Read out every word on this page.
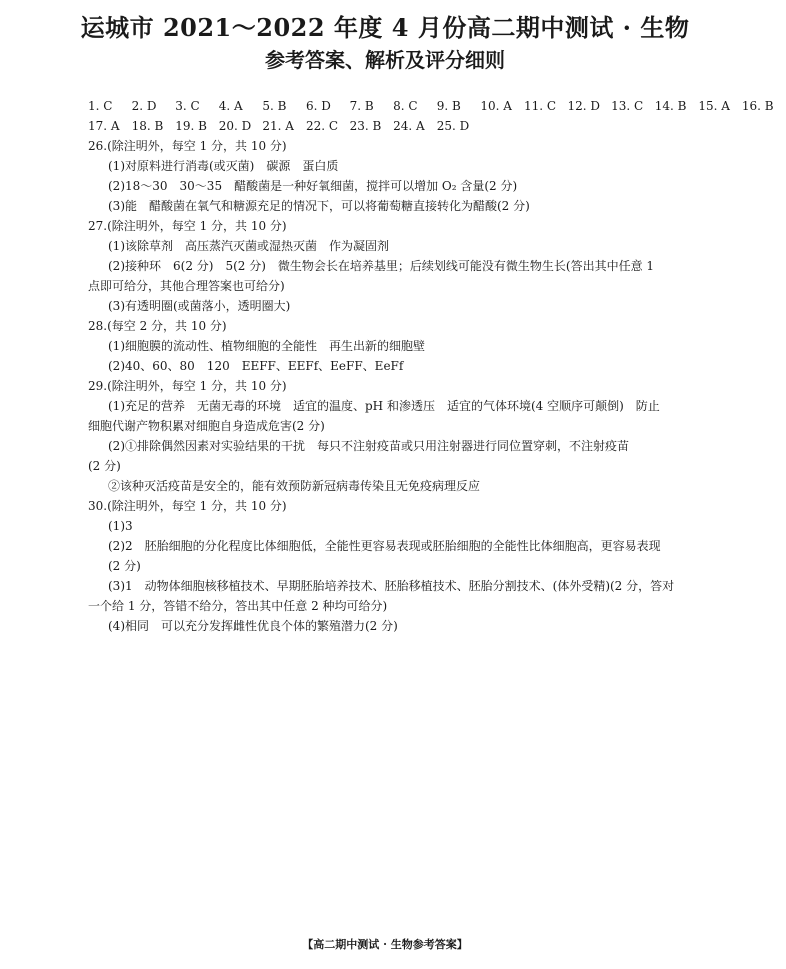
运城市 2021～2022 年度 4 月份高二期中测试 · 生物
参考答案、解析及评分细则
1. C	2. D	3. C	4. A	5. B	6. D	7. B	8. C	9. B	10. A	11. C 12. D 13. C 14. B 15. A	16. B
17. A	18. B 19. B 20. D 21. A	22. C 23. B 24. A	25. D
26.(除注明外，每空 1 分，共 10 分)
(1)对原料进行消毒(或灭菌)　碳源　蛋白质
(2)18～30　30～35　醋酸菌是一种好氧细菌，搅拌可以增加 O₂ 含量(2 分)
(3)能　醋酸菌在氧气和糖源充足的情况下，可以将葡萄糖直接转化为醋酸(2 分)
27.(除注明外，每空 1 分，共 10 分)
(1)该除草剂　高压蒸汽灭菌或湿热灭菌　作为凝固剂
(2)接种环　6(2 分)　5(2 分)　微生物会长在培养基里；后续划线可能没有微生物生长(答出其中任意 1
点即可给分，其他合理答案也可给分)
(3)有透明圈(或菌落小，透明圈大)
28.(每空 2 分，共 10 分)
(1)细胞膜的流动性、植物细胞的全能性　再生出新的细胞壁
(2)40、60、80　120　EEFF、EEFf、EeFF、EeFf
29.(除注明外，每空 1 分，共 10 分)
(1)充足的营养　无菌无毒的环境　适宜的温度、pH 和渗透压　适宜的气体环境(4 空顺序可颠倒)　防止
细胞代谢产物积累对细胞自身造成危害(2 分)
(2)①排除偶然因素对实验结果的干扰　每只不注射疫苗或只用注射器进行同位置穿刺，不注射疫苗
(2 分)
②该种灭活疫苗是安全的，能有效预防新冠病毒传染且无免疫病理反应
30.(除注明外，每空 1 分，共 10 分)
(1)3
(2)2　胚胎细胞的分化程度比体细胞低，全能性更容易表现或胚胎细胞的全能性比体细胞高，更容易表现
(2 分)
(3)1　动物体细胞核移植技术、早期胚胎培养技术、胚胎移植技术、胚胎分割技术、(体外受精)(2 分，答对
一个给 1 分，答错不给分，答出其中任意 2 种均可给分)
(4)相同　可以充分发挥雌性优良个体的繁殖潜力(2 分)
【高二期中测试 · 生物参考答案】
